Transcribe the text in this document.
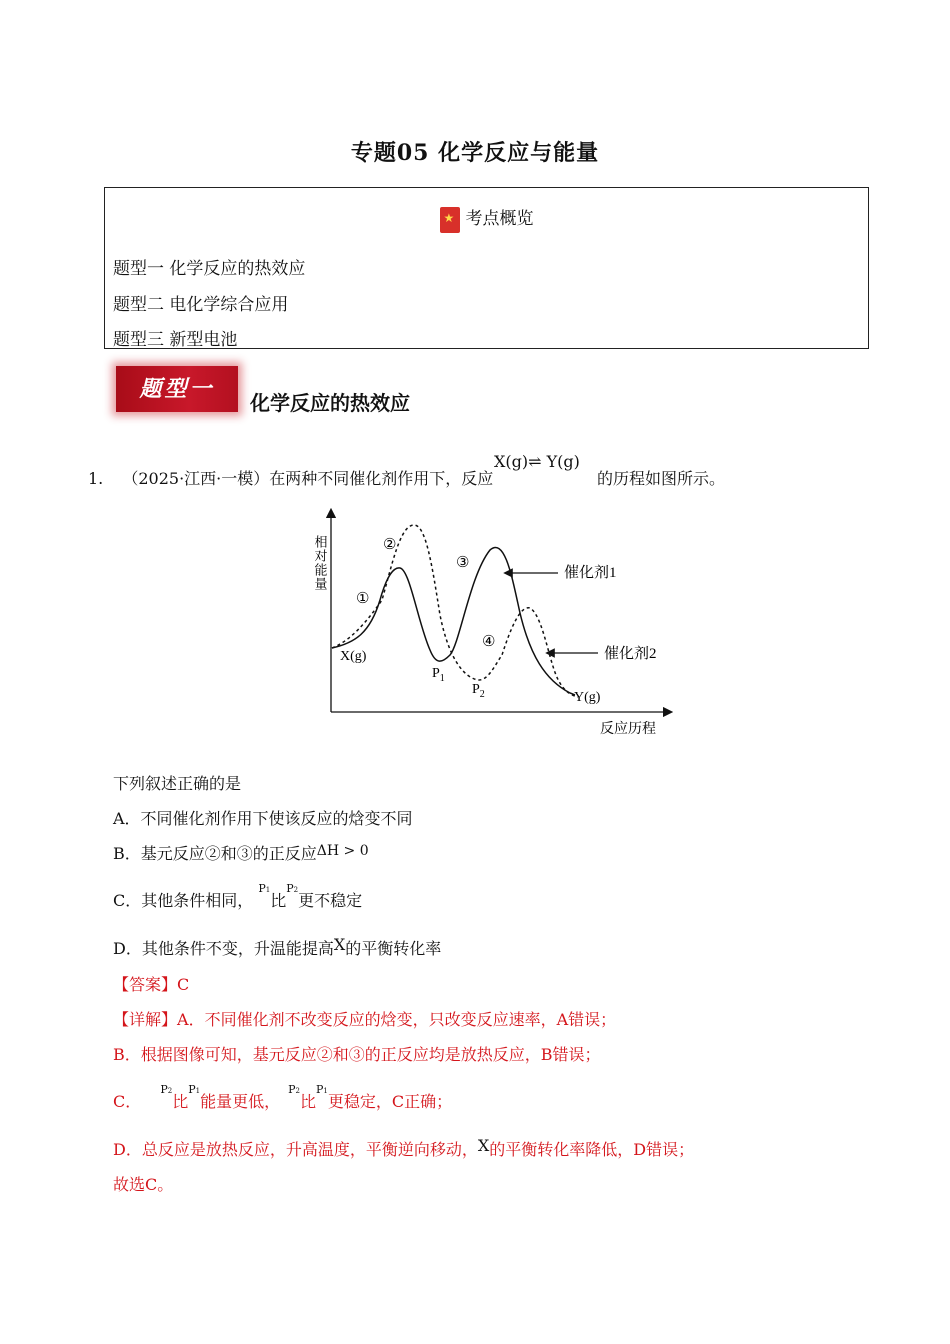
专题05 化学反应与能量
★考点概览
题型一 化学反应的热效应
题型二 电化学综合应用
题型三 新型电池
题型一
化学反应的热效应
1. （2025·江西·一模）在两种不同催化剂作用下，反应
X(g)⇌ Y(g)
的历程如图所示。
相对能量
反应历程
X(g)
Y(g)
$P_1$
$P_2$
①
②
③
④
催化剂1
催化剂2
下列叙述正确的是
A．不同催化剂作用下使该反应的焓变不同
B．基元反应②和③的正反应ΔH > 0
C．其他条件相同， $^{P1}$比$^{P2}$更不稳定
D．其他条件不变，升温能提高X的平衡转化率
【答案】C
【详解】A．不同催化剂不改变反应的焓变，只改变反应速率，A错误；
B．根据图像可知，基元反应②和③的正反应均是放热反应，B错误；
C． $^{P2}$比$^{P1}$能量更低，$^{P2}$比$^{P1}$更稳定，C正确；
D．总反应是放热反应，升高温度，平衡逆向移动，X的平衡转化率降低，D错误；
故选C。
